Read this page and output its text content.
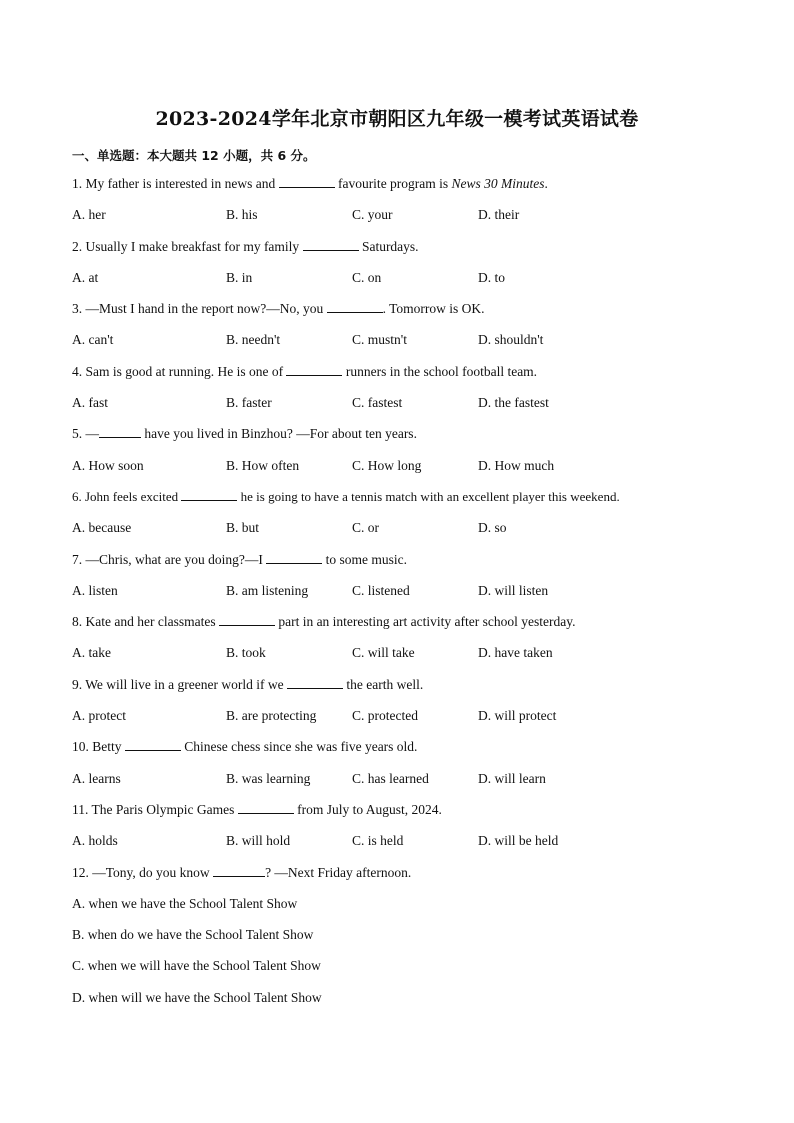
2023-2024学年北京市朝阳区九年级一模考试英语试卷
一、单选题：本大题共 12 小题，共 6 分。
1. My father is interested in news and	favourite program is News 30 Minutes.
A. her	B. his	C. your	D. their
2. Usually I make breakfast for my family	Saturdays.
A. at	B. in	C. on	D. to
3. —Must I hand in the report now?—No, you	. Tomorrow is OK.
A. can't	B. needn't	C. mustn't	D. shouldn't
4. Sam is good at running. He is one of	runners in the school football team.
A. fast	B. faster	C. fastest	D. the fastest
5. —	have you lived in Binzhou? —For about ten years.
A. How soon	B. How often	C. How long	D. How much
6. John feels excited	he is going to have a tennis match with an excellent player this weekend.
A. because	B. but	C. or	D. so
7. —Chris, what are you doing?—I	to some music.
A. listen	B. am listening	C. listened	D. will listen
8. Kate and her classmates	part in an interesting art activity after school yesterday.
A. take	B. took	C. will take	D. have taken
9. We will live in a greener world if we	the earth well.
A. protect	B. are protecting	C. protected	D. will protect
10. Betty	Chinese chess since she was five years old.
A. learns	B. was learning	C. has learned	D. will learn
11. The Paris Olympic Games	from July to August, 2024.
A. holds	B. will hold	C. is held	D. will be held
12. —Tony, do you know	? —Next Friday afternoon.
A. when we have the School Talent Show
B. when do we have the School Talent Show
C. when we will have the School Talent Show
D. when will we have the School Talent Show
